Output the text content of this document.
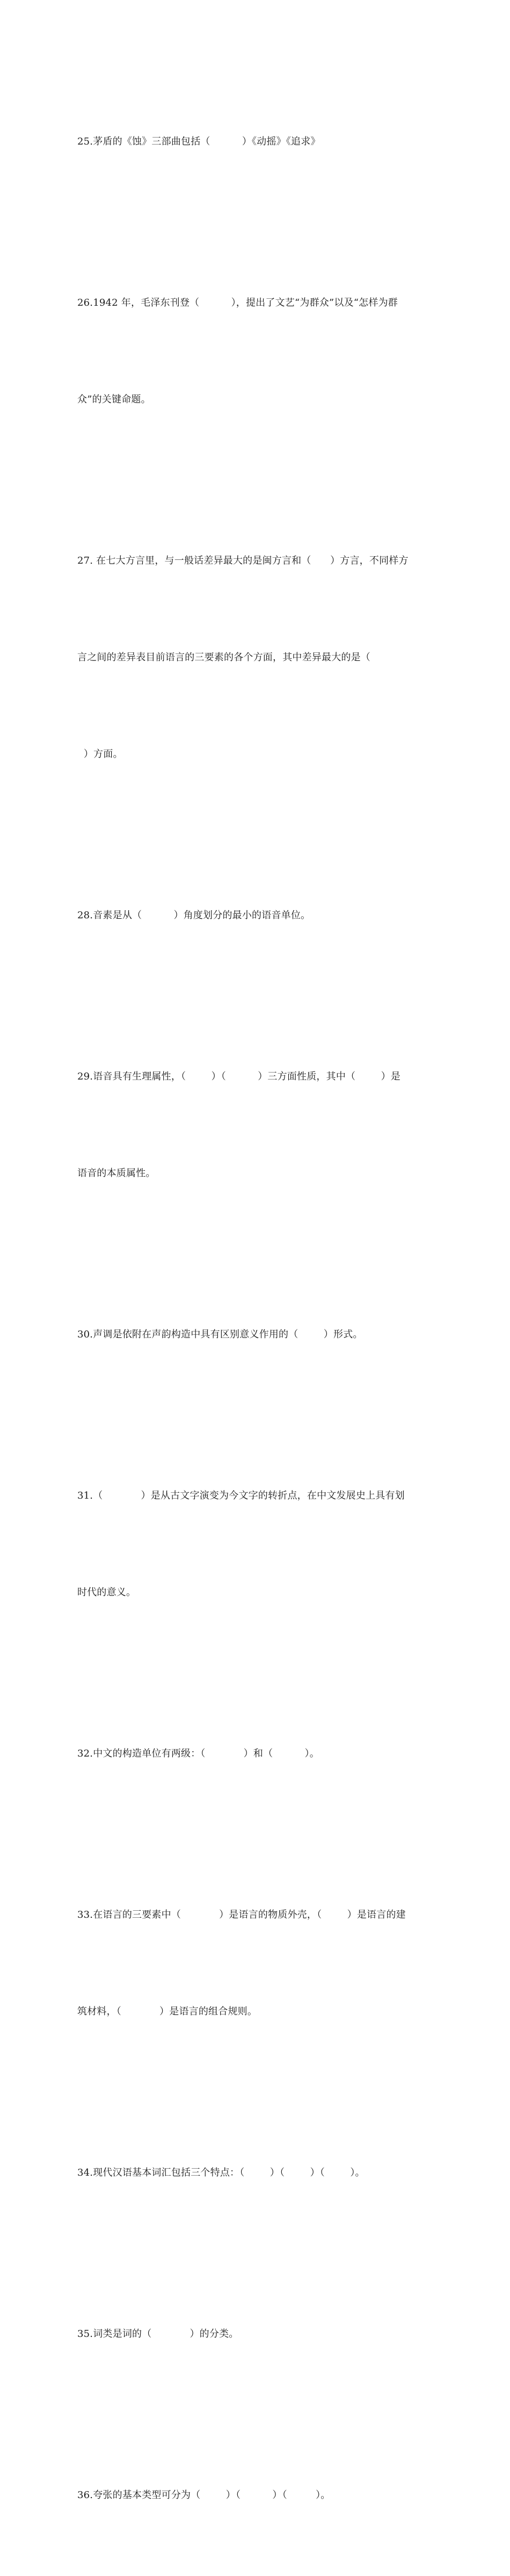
25.茅盾的《蚀》三部曲包括（          ）《动摇》《追求》

26.1942 年，毛泽东刊登（          ），提出了文艺“为群众”以及“怎样为群

众”的关键命题。

27. 在七大方言里，与一般话差异最大的是闽方言和（      ）方言，不同样方

言之间的差异表目前语言的三要素的各个方面，其中差异最大的是（

）方面。

28.音素是从（          ）角度划分的最小的语音单位。

29.语音具有生理属性，（        ）（          ）三方面性质，其中（        ）是

语音的本质属性。

30.声调是依附在声韵构造中具有区别意义作用的（        ）形式。

31.（            ）是从古文字演变为今文字的转折点，在中文发展史上具有划

时代的意义。

32.中文的构造单位有两级：（            ）和（          ）。

33.在语言的三要素中（            ）是语言的物质外壳，（        ）是语言的建

筑材料，（            ）是语言的组合规则。

34.现代汉语基本词汇包括三个特点：（        ）（        ）（        ）。

35.词类是词的（            ）的分类。

36.夸张的基本类型可分为（        ）（          ）（         ）。
